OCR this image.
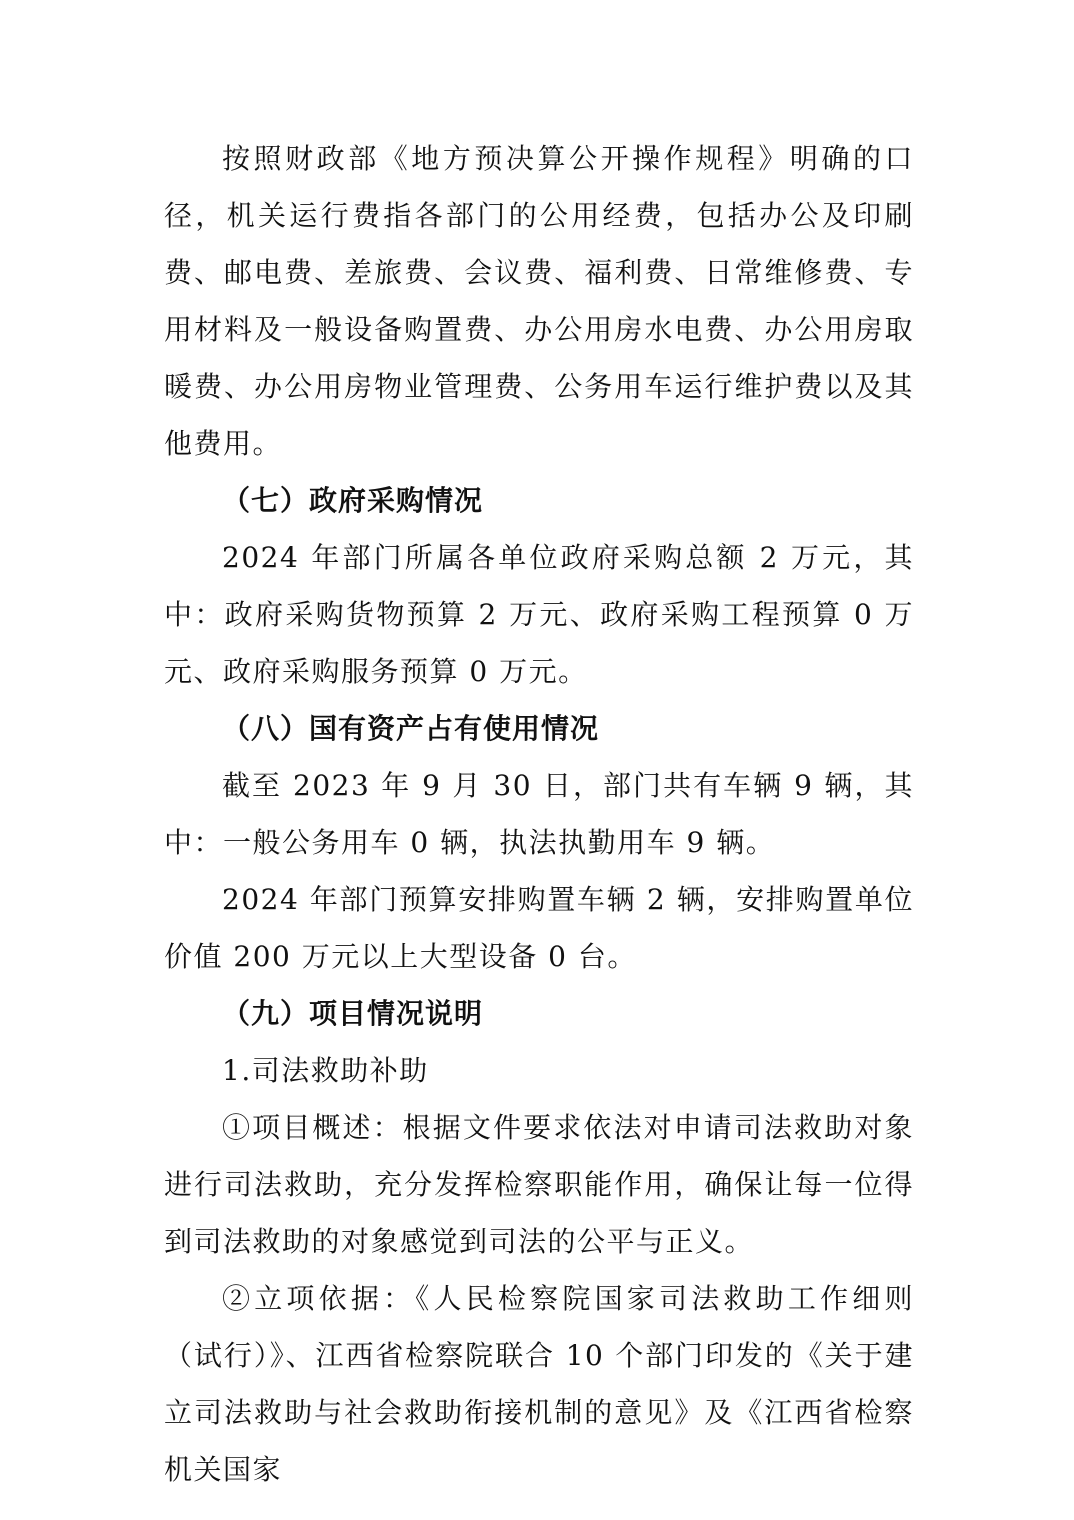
按照财政部《地方预决算公开操作规程》明确的口径，机关运行费指各部门的公用经费，包括办公及印刷费、邮电费、差旅费、会议费、福利费、日常维修费、专用材料及一般设备购置费、办公用房水电费、办公用房取暖费、办公用房物业管理费、公务用车运行维护费以及其他费用。

（七）政府采购情况

2024 年部门所属各单位政府采购总额 2 万元，其中：政府采购货物预算 2 万元、政府采购工程预算 0 万元、政府采购服务预算 0 万元。

（八）国有资产占有使用情况

截至 2023 年 9 月 30 日，部门共有车辆 9 辆，其中：一般公务用车 0 辆，执法执勤用车 9 辆。

2024 年部门预算安排购置车辆 2 辆，安排购置单位价值 200 万元以上大型设备 0 台。

（九）项目情况说明

1.司法救助补助

①项目概述：根据文件要求依法对申请司法救助对象进行司法救助，充分发挥检察职能作用，确保让每一位得到司法救助的对象感觉到司法的公平与正义。

②立项依据：《人民检察院国家司法救助工作细则（试行）》、江西省检察院联合 10 个部门印发的《关于建立司法救助与社会救助衔接机制的意见》及《江西省检察机关国家
